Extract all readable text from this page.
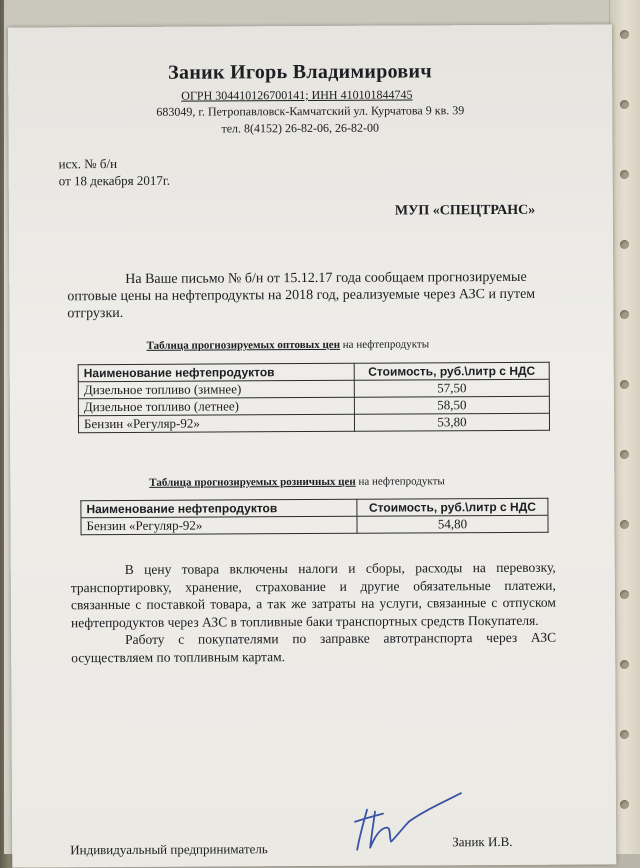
Заник Игорь Владимирович
ОГРН 304410126700141; ИНН 410101844745
683049, г. Петропавловск-Камчатский ул. Курчатова 9 кв. 39
тел. 8(4152) 26-82-06, 26-82-00
исх. № б/н
от 18 декабря 2017г.
МУП «СПЕЦТРАНС»
На Ваше письмо № б/н от 15.12.17 года сообщаем прогнозируемые оптовые цены на нефтепродукты на 2018 год, реализуемые через АЗС и путем отгрузки.
Таблица прогнозируемых оптовых цен на нефтепродукты
Наименование нефтепродуктов	Стоимость, руб.\литр с НДС
Дизельное топливо (зимнее)	57,50
Дизельное топливо (летнее)	58,50
Бензин «Регуляр-92»	53,80
Таблица прогнозируемых розничных цен на нефтепродукты
Наименование нефтепродуктов	Стоимость, руб.\литр с НДС
Бензин «Регуляр-92»	54,80
В цену товара включены налоги и сборы, расходы на перевозку, транспортировку, хранение, страхование и другие обязательные платежи, связанные с поставкой товара, а так же затраты на услуги, связанные с отпуском нефтепродуктов через АЗС в топливные баки транспортных средств Покупателя.
Работу с покупателями по заправке автотранспорта через АЗС осуществляем по топливным картам.
Индивидуальный предприниматель	Заник И.В.
